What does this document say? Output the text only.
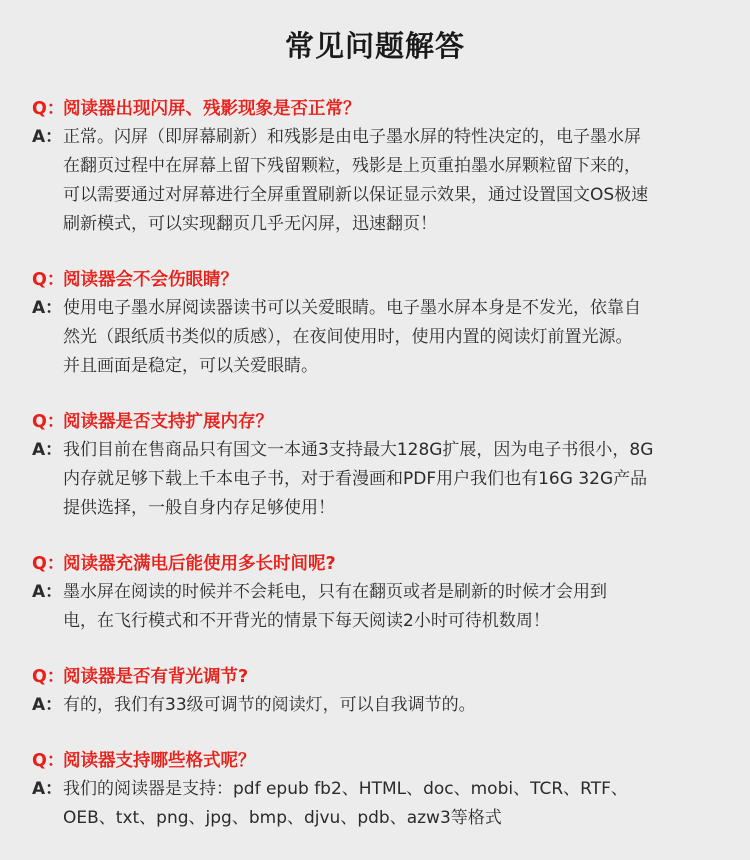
常见问题解答
Q：
阅读器出现闪屏、残影现象是否正常？
A： 正常。闪屏（即屏幕刷新）和残影是由电子墨水屏的特性决定的，电子墨水屏
在翻页过程中在屏幕上留下残留颗粒，残影是上页重拍墨水屏颗粒留下来的，
可以需要通过对屏幕进行全屏重置刷新以保证显示效果，通过设置国文OS极速
刷新模式，可以实现翻页几乎无闪屏，迅速翻页！
Q：
阅读器会不会伤眼睛？
A： 使用电子墨水屏阅读器读书可以关爱眼睛。电子墨水屏本身是不发光，依靠自
然光（跟纸质书类似的质感），在夜间使用时，使用内置的阅读灯前置光源。
并且画面是稳定，可以关爱眼睛。
Q：
阅读器是否支持扩展内存？
A： 我们目前在售商品只有国文一本通3支持最大128G扩展，因为电子书很小，8G
内存就足够下载上千本电子书，对于看漫画和PDF用户我们也有16G 32G产品
提供选择，一般自身内存足够使用！
Q：
阅读器充满电后能使用多长时间呢?
A： 墨水屏在阅读的时候并不会耗电，只有在翻页或者是刷新的时候才会用到
电，在飞行模式和不开背光的情景下每天阅读2小时可待机数周！
Q：
阅读器是否有背光调节?
A： 有的，我们有33级可调节的阅读灯，可以自我调节的。
Q：
阅读器支持哪些格式呢？
A： 我们的阅读器是支持：pdf epub fb2、HTML、doc、mobi、TCR、RTF、
OEB、txt、png、jpg、bmp、djvu、pdb、azw3等格式
